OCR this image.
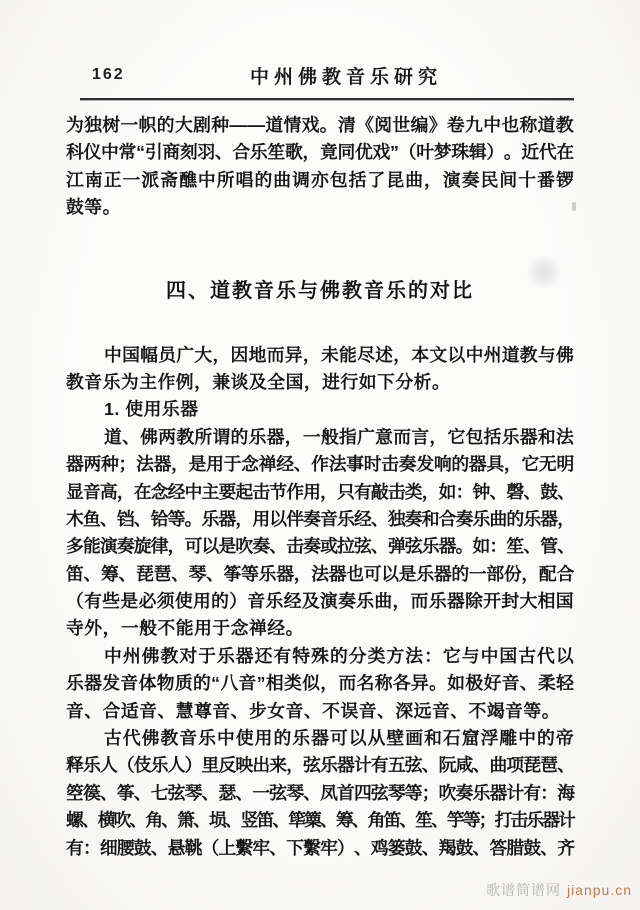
162	中州佛教音乐研究
为 独 树 一 帜 的 大 剧 种 —— 道 情 戏 。 清 《 阅 世 编 》 卷 九 中 也 称 道 教
科 仪 中 常 “ 引 商 刻 羽 、 合 乐 笙 歌 ， 竟 同 优 戏 ” （ 叶 梦 珠 辑 ） 。 近 代 在
江 南 正 一 派 斋 醮 中 所 唱 的 曲 调 亦 包 括 了 昆 曲 ， 演 奏 民 间 十 番 锣
鼓 等 。
四、道教音乐与佛教音乐的对比
中 国 幅 员 广 大 ， 因 地 而 异 ， 未 能 尽 述 ， 本 文 以 中 州 道 教 与 佛
教 音 乐 为 主 作 例 ， 兼 谈 及 全 国 ， 进 行 如 下 分 析 。
1 .
使 用 乐 器
道 、 佛 两 教 所 谓 的 乐 器 ， 一 般 指 广 意 而 言 ， 它 包 括 乐 器 和 法
器 两 种 ； 法 器 ， 是 用 于 念 禅 经 、 作 法 事 时 击 奏 发 响 的 器 具 ， 它 无 明
显 音 高 ， 在 念 经 中 主 要 起 击 节 作 用 ， 只 有 敲 击 类 ， 如 ： 钟 、 磬 、 鼓 、
木 鱼 、 铛 、 铪 等 。 乐 器 ， 用 以 伴 奏 音 乐 经 、 独 奏 和 合 奏 乐 曲 的 乐 器 ，
多 能 演 奏 旋 律 ， 可 以 是 吹 奏 、 击 奏 或 拉 弦 、 弹 弦 乐 器 。 如 ： 笙 、 管 、
笛 、 筹 、 琵 琶 、 琴 、 筝 等 乐 器 ， 法 器 也 可 以 是 乐 器 的 一 部 份 ， 配 合
（ 有 些 是 必 须 使 用 的 ） 音 乐 经 及 演 奏 乐 曲 ， 而 乐 器 除 开 封 大 相 国
寺 外 ， 一 般 不 能 用 于 念 禅 经 。
中 州 佛 教 对 于 乐 器 还 有 特 殊 的 分 类 方 法 ： 它 与 中 国 古 代 以
乐 器 发 音 体 物 质 的 “ 八 音 ” 相 类 似 ， 而 名 称 各 异 。 如 极 好 音 、 柔 轻
音 、 合 适 音 、 慧 尊 音 、 步 女 音 、 不 误 音 、 深 远 音 、 不 竭 音 等 。
古 代 佛 教 音 乐 中 使 用 的 乐 器 可 以 从 壁 画 和 石 窟 浮 雕 中 的 帝
释 乐 人 （ 伎 乐 人 ） 里 反 映 出 来 ， 弦 乐 器 计 有 五 弦 、 阮 咸 、 曲 项 琵 琶 、
箜 篌 、 筝 、 七 弦 琴 、 瑟 、 一 弦 琴 、 凤 首 四 弦 琴 等 ； 吹 奏 乐 器 计 有 ： 海
螺
、
横
吹
、
角
、
箫
、
埙
、
竖
笛
、
筚
篥
、
筹
、
角
笛
、
笙
、
竽
等
；
打
击
乐
器
计
有 ： 细 腰 鼓 、 悬 鞉 （ 上 繫 牢 、 下 繫 牢 ） 、 鸡 篓 鼓 、 羯 鼓 、 答 腊 鼓 、 齐
歌谱简谱网 jianpu.cn
